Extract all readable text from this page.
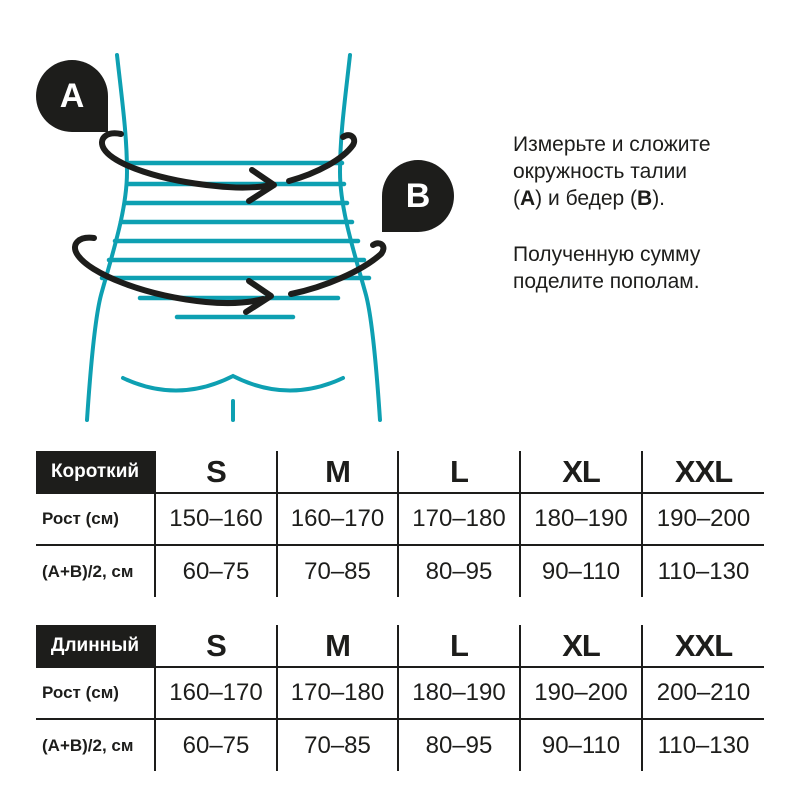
A
B

Измерьте и сложите
окружность талии
(A) и бедер (B).

Полученную сумму
поделите пополам.

Короткий	S	M	L	XL	XXL
Рост (см)	150–160	160–170	170–180	180–190	190–200
(A+B)/2, см	60–75	70–85	80–95	90–110	110–130
Длинный	S	M	L	XL	XXL
Рост (см)	160–170	170–180	180–190	190–200	200–210
(A+B)/2, см	60–75	70–85	80–95	90–110	110–130
